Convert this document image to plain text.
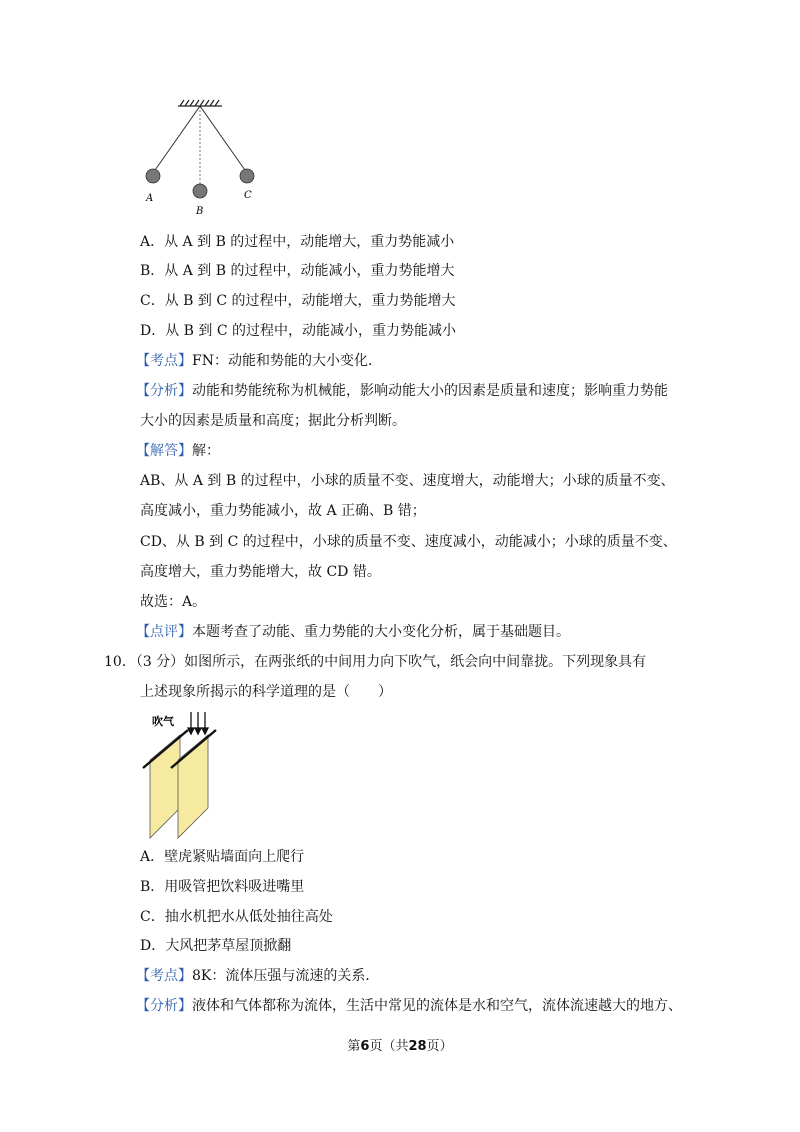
A
B
C
A．从 A 到 B 的过程中，动能增大，重力势能减小
B．从 A 到 B 的过程中，动能减小，重力势能增大
C．从 B 到 C 的过程中，动能增大，重力势能增大
D．从 B 到 C 的过程中，动能减小，重力势能减小
【考点】FN：动能和势能的大小变化．
【分析】动能和势能统称为机械能，影响动能大小的因素是质量和速度；影响重力势能
大小的因素是质量和高度；据此分析判断。
【解答】解：
AB、从 A 到 B 的过程中，小球的质量不变、速度增大，动能增大；小球的质量不变、
高度减小，重力势能减小，故 A 正确、B 错；
CD、从 B 到 C 的过程中，小球的质量不变、速度减小，动能减小；小球的质量不变、
高度增大，重力势能增大，故 CD 错。
故选：A。
【点评】本题考查了动能、重力势能的大小变化分析，属于基础题目。
10．（3 分）如图所示，在两张纸的中间用力向下吹气，纸会向中间靠拢。下列现象具有
上述现象所揭示的科学道理的是（　　）
吹气
A．壁虎紧贴墙面向上爬行
B．用吸管把饮料吸进嘴里
C．抽水机把水从低处抽往高处
D．大风把茅草屋顶掀翻
【考点】8K：流体压强与流速的关系．
【分析】液体和气体都称为流体，生活中常见的流体是水和空气，流体流速越大的地方、
第6页（共28页）
